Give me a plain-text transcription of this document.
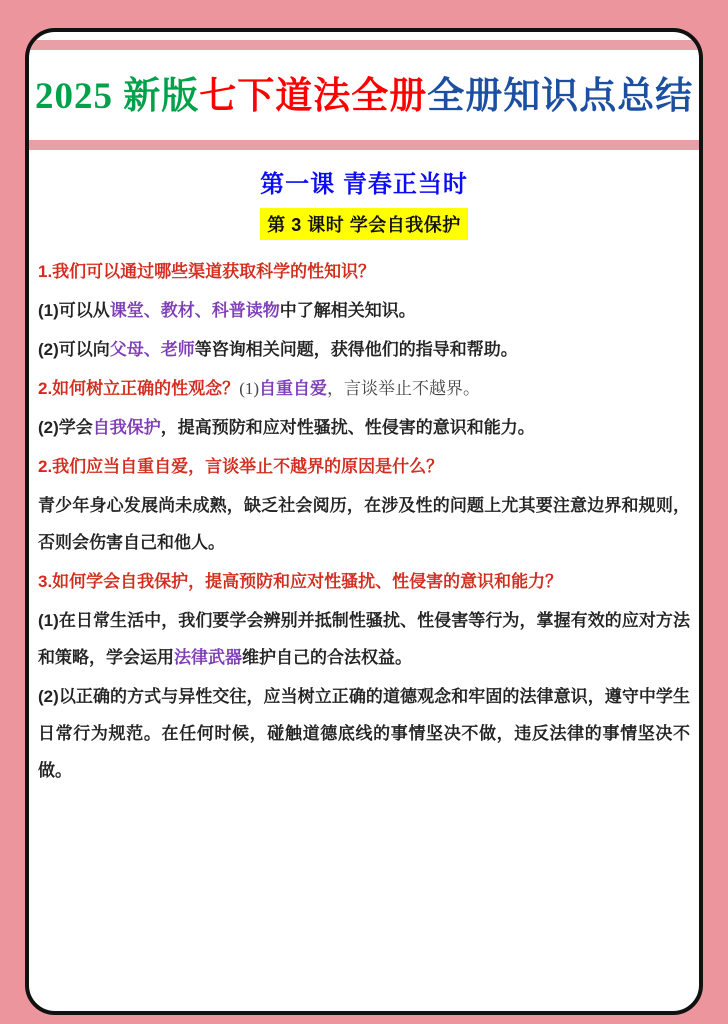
2025 新版七下道法全册全册知识点总结
第一课 青春正当时
第 3 课时 学会自我保护

1.我们可以通过哪些渠道获取科学的性知识？

(1)可以从课堂、教材、科普读物中了解相关知识。

(2)可以向父母、老师等咨询相关问题，获得他们的指导和帮助。

2.如何树立正确的性观念？(1)自重自爱，言谈举止不越界。

(2)学会自我保护，提高预防和应对性骚扰、性侵害的意识和能力。

2.我们应当自重自爱，言谈举止不越界的原因是什么？

青少年身心发展尚未成熟，缺乏社会阅历，在涉及性的问题上尤其要注意边界和规则，否则会伤害自己和他人。

3.如何学会自我保护，提高预防和应对性骚扰、性侵害的意识和能力？

(1)在日常生活中，我们要学会辨别并抵制性骚扰、性侵害等行为，掌握有效的应对方法和策略，学会运用法律武器维护自己的合法权益。

(2)以正确的方式与异性交往，应当树立正确的道德观念和牢固的法律意识，遵守中学生日常行为规范。在任何时候，碰触道德底线的事情坚决不做，违反法律的事情坚决不做。
